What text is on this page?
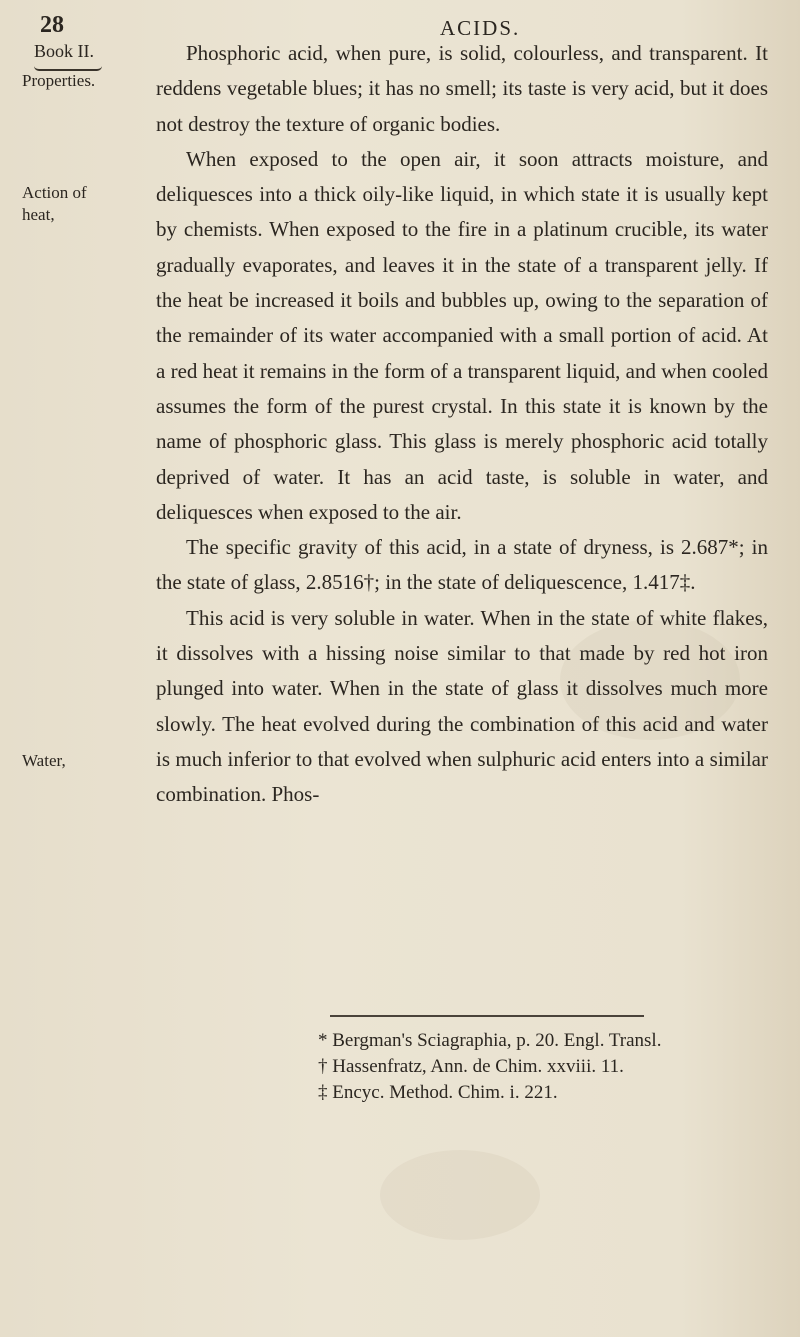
28	ACIDS.
Book II.
Properties.
Action of heat,
Water,

Phosphoric acid, when pure, is solid, colourless, and transparent. It reddens vegetable blues; it has no smell; its taste is very acid, but it does not destroy the texture of organic bodies.

When exposed to the open air, it soon attracts moisture, and deliquesces into a thick oily-like liquid, in which state it is usually kept by chemists. When exposed to the fire in a platinum crucible, its water gradually evaporates, and leaves it in the state of a transparent jelly. If the heat be increased it boils and bubbles up, owing to the separation of the remainder of its water accompanied with a small portion of acid. At a red heat it remains in the form of a transparent liquid, and when cooled assumes the form of the purest crystal. In this state it is known by the name of phosphoric glass. This glass is merely phosphoric acid totally deprived of water. It has an acid taste, is soluble in water, and deliquesces when exposed to the air.

The specific gravity of this acid, in a state of dryness, is 2.687*; in the state of glass, 2.8516†; in the state of deliquescence, 1.417‡.

This acid is very soluble in water. When in the state of white flakes, it dissolves with a hissing noise similar to that made by red hot iron plunged into water. When in the state of glass it dissolves much more slowly. The heat evolved during the combination of this acid and water is much inferior to that evolved when sulphuric acid enters into a similar combination. Phos-

* Bergman's Sciagraphia, p. 20. Engl. Transl.

† Hassenfratz, Ann. de Chim. xxviii. 11.

‡ Encyc. Method. Chim. i. 221.
